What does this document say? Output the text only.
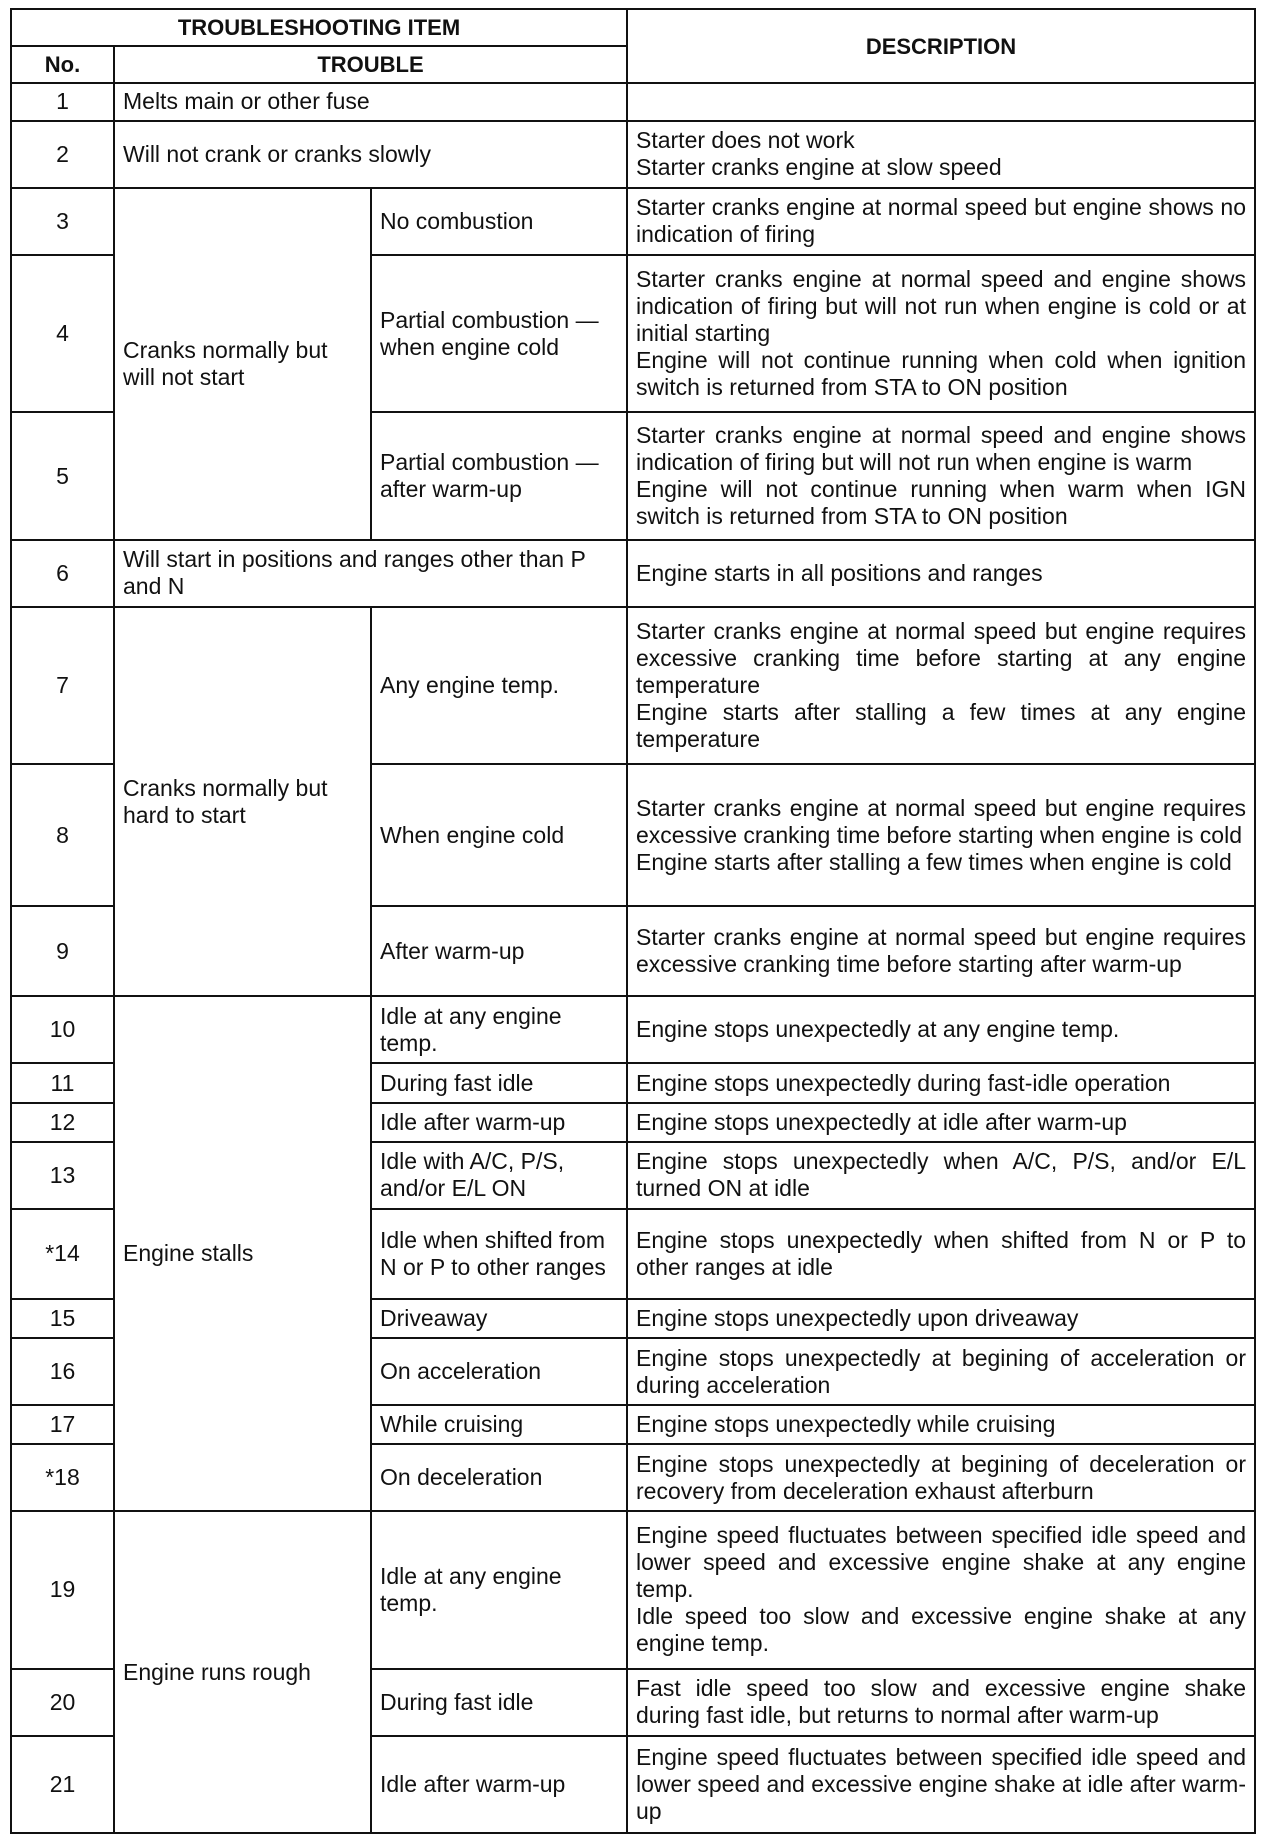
TROUBLESHOOTING ITEM			DESCRIPTION
No.	TROUBLE		
1	Melts main or other fuse		
2	Will not crank or cranks slowly		Starter does not work
Starter cranks engine at slow speed

3	Cranks normally but will not start	No combustion	Starter cranks engine at normal speed but engine shows no indication of firing

4		Partial combustion —when engine cold	Starter cranks engine at normal speed and engine shows indication of firing but will not run when engine is cold or at initial starting
Engine will not continue running when cold when ignition switch is returned from STA to ON position

5		Partial combustion —after warm-up	Starter cranks engine at normal speed and engine shows indication of firing but will not run when engine is warm
Engine will not continue running when warm when IGN switch is returned from STA to ON position

6	Will start in positions and ranges other than P and N		Engine starts in all positions and ranges

7	Cranks normally but hard to start	Any engine temp.	Starter cranks engine at normal speed but engine requires excessive cranking time before starting at any engine temperature
Engine starts after stalling a few times at any engine temperature

8		When engine cold	Starter cranks engine at normal speed but engine requires excessive cranking time before starting when engine is cold
Engine starts after stalling a few times when engine is cold

9		After warm-up	Starter cranks engine at normal speed but engine requires excessive cranking time before starting after warm-up

10	Engine stalls	Idle at any engine temp.	Engine stops unexpectedly at any engine temp.

11		During fast idle	Engine stops unexpectedly during fast-idle operation

12		Idle after warm-up	Engine stops unexpectedly at idle after warm-up

13		Idle with A/C, P/S, and/or E/L ON	Engine stops unexpectedly when A/C, P/S, and/or E/L turned ON at idle

*14		Idle when shifted from N or P to other ranges	Engine stops unexpectedly when shifted from N or P to other ranges at idle

15		Driveaway	Engine stops unexpectedly upon driveaway

16		On acceleration	Engine stops unexpectedly at begining of acceleration or during acceleration

17		While cruising	Engine stops unexpectedly while cruising

*18		On deceleration	Engine stops unexpectedly at begining of deceleration or recovery from deceleration exhaust afterburn

19	Engine runs rough	Idle at any engine temp.	Engine speed fluctuates between specified idle speed and lower speed and excessive engine shake at any engine temp.
Idle speed too slow and excessive engine shake at any engine temp.

20		During fast idle	Fast idle speed too slow and excessive engine shake during fast idle, but returns to normal after warm-up

21		Idle after warm-up	Engine speed fluctuates between specified idle speed and lower speed and excessive engine shake at idle after warm-up
